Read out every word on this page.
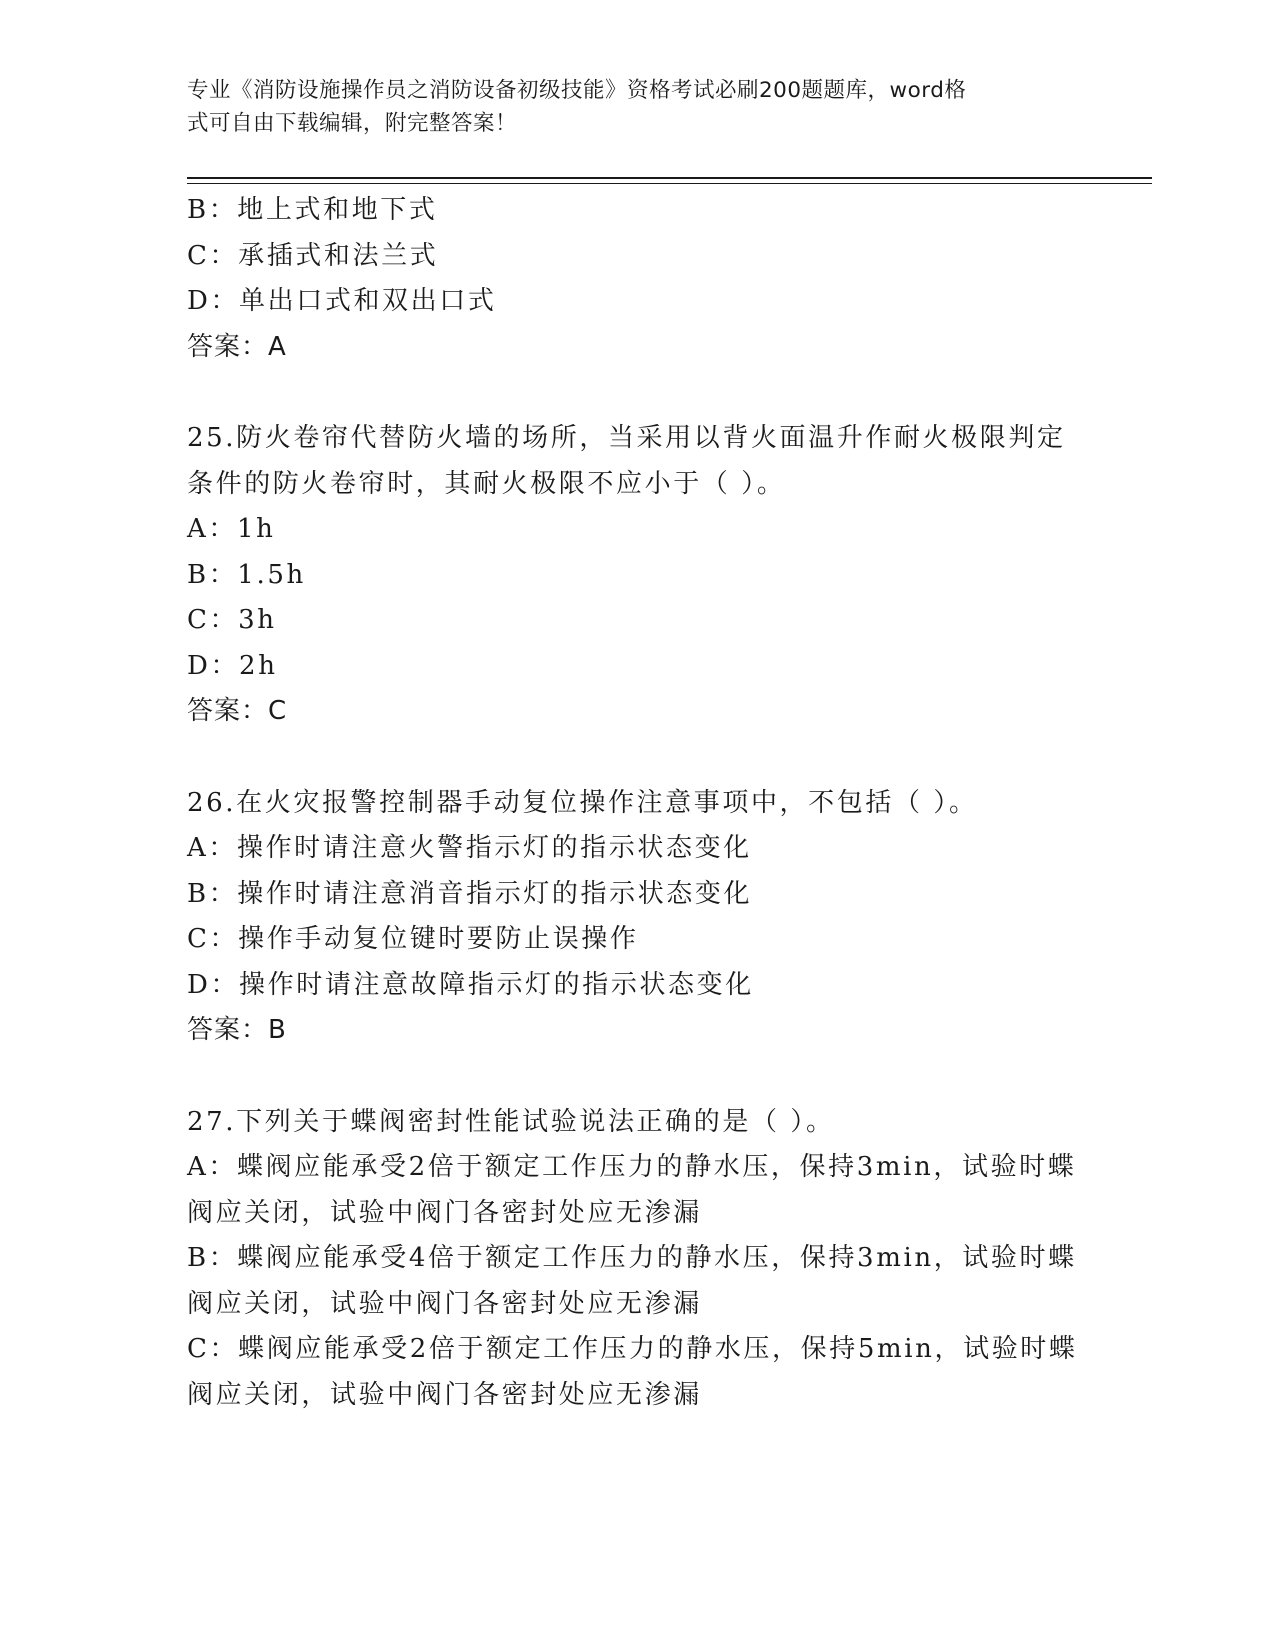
专业《消防设施操作员之消防设备初级技能》资格考试必刷200题题库，word格
式可自由下载编辑，附完整答案！
B：地上式和地下式
C：承插式和法兰式
D：单出口式和双出口式
答案：A
25.防火卷帘代替防火墙的场所，当采用以背火面温升作耐火极限判定
条件的防火卷帘时，其耐火极限不应小于（ ）。
A：1h
B：1.5h
C：3h
D：2h
答案：C
26.在火灾报警控制器手动复位操作注意事项中，不包括（ ）。
A：操作时请注意火警指示灯的指示状态变化
B：操作时请注意消音指示灯的指示状态变化
C：操作手动复位键时要防止误操作
D：操作时请注意故障指示灯的指示状态变化
答案：B
27.下列关于蝶阀密封性能试验说法正确的是（ ）。
A：蝶阀应能承受2倍于额定工作压力的静水压，保持3min，试验时蝶
阀应关闭，试验中阀门各密封处应无渗漏
B：蝶阀应能承受4倍于额定工作压力的静水压，保持3min，试验时蝶
阀应关闭，试验中阀门各密封处应无渗漏
C：蝶阀应能承受2倍于额定工作压力的静水压，保持5min，试验时蝶
阀应关闭，试验中阀门各密封处应无渗漏
